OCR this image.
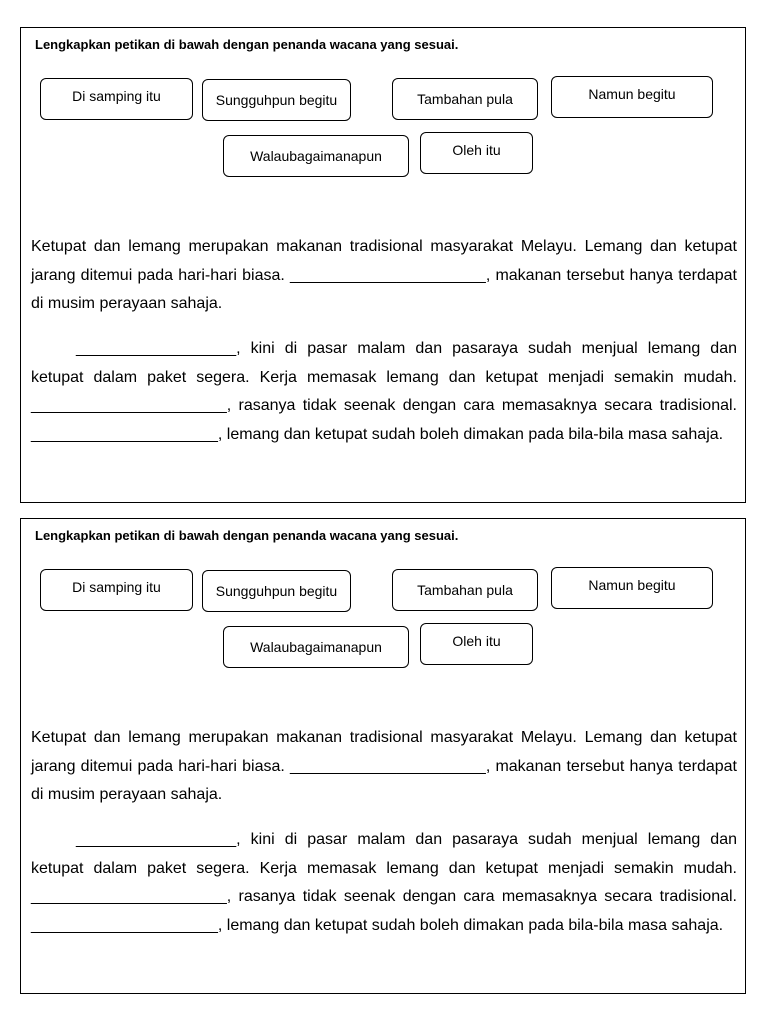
Lengkapkan petikan di bawah dengan penanda wacana yang sesuai.
Di samping itu	Sungguhpun begitu	Tambahan pula	Namun begitu
Walaubagaimanapun	Oleh itu

Ketupat dan lemang merupakan makanan tradisional masyarakat Melayu. Lemang dan ketupat jarang ditemui pada hari-hari biasa. ______________________, makanan tersebut hanya terdapat di musim perayaan sahaja.

__________________, kini di pasar malam dan pasaraya sudah menjual lemang dan ketupat dalam paket segera. Kerja memasak lemang dan ketupat menjadi semakin mudah. ______________________, rasanya tidak seenak dengan cara memasaknya secara tradisional. _____________________, lemang dan ketupat sudah boleh dimakan pada bila-bila masa sahaja.

Lengkapkan petikan di bawah dengan penanda wacana yang sesuai.
Di samping itu	Sungguhpun begitu	Tambahan pula	Namun begitu
Walaubagaimanapun	Oleh itu

Ketupat dan lemang merupakan makanan tradisional masyarakat Melayu. Lemang dan ketupat jarang ditemui pada hari-hari biasa. ______________________, makanan tersebut hanya terdapat di musim perayaan sahaja.

__________________, kini di pasar malam dan pasaraya sudah menjual lemang dan ketupat dalam paket segera. Kerja memasak lemang dan ketupat menjadi semakin mudah. ______________________, rasanya tidak seenak dengan cara memasaknya secara tradisional. _____________________, lemang dan ketupat sudah boleh dimakan pada bila-bila masa sahaja.
